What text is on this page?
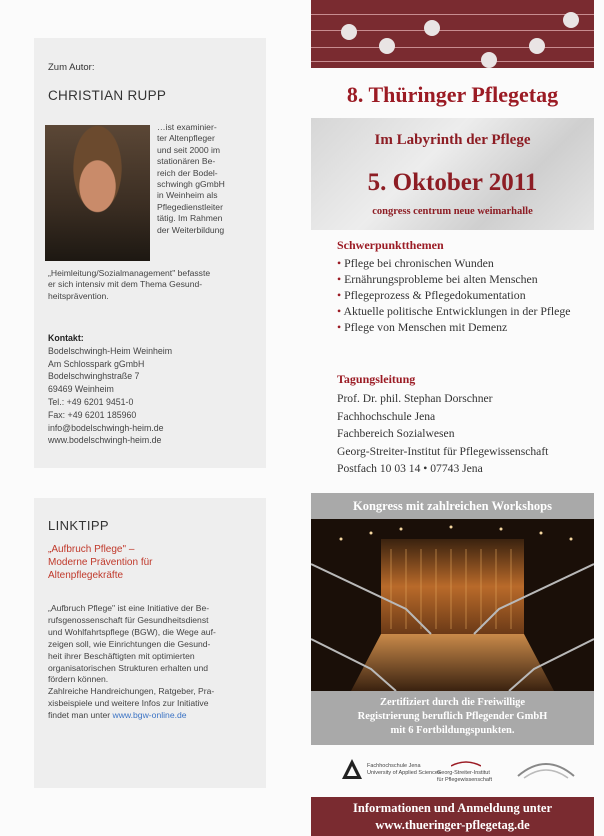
Zum Autor:
CHRISTIAN RUPP
…ist examinier-
ter Altenpfleger
und seit 2000 im
stationären Be-
reich der Bodel-
schwingh gGmbH
in Weinheim als
Pflegedienstleiter
tätig. Im Rahmen
der Weiterbildung
„Heimleitung/Sozialmanagement" befasste
er sich intensiv mit dem Thema Gesund-
heitsprävention.
Kontakt:
Bodelschwingh-Heim Weinheim
Am Schlosspark gGmbH
Bodelschwinghstraße 7
69469 Weinheim
Tel.: +49 6201 9451-0
Fax: +49 6201 185960
info@bodelschwingh-heim.de
www.bodelschwingh-heim.de
LINKTIPP
„Aufbruch Pflege" –
Moderne Prävention für
Altenpflegekräfte
„Aufbruch Pflege" ist eine Initiative der Be-
rufsgenossenschaft für Gesundheitsdienst
und Wohlfahrtspflege (BGW), die Wege auf-
zeigen soll, wie Einrichtungen die Gesund-
heit ihrer Beschäftigten mit optimierten
organisatorischen Strukturen erhalten und
fördern können.
Zahlreiche Handreichungen, Ratgeber, Pra-
xisbeispiele und weitere Infos zur Initiative
findet man unter www.bgw-online.de
8. Thüringer Pflegetag
Im Labyrinth der Pflege
5. Oktober 2011
congress centrum neue weimarhalle
Schwerpunktthemen
• Pflege bei chronischen Wunden
• Ernährungsprobleme bei alten Menschen
• Pflegeprozess & Pflegedokumentation
• Aktuelle politische Entwicklungen in der Pflege
• Pflege von Menschen mit Demenz
Tagungsleitung
Prof. Dr. phil. Stephan Dorschner
Fachhochschule Jena
Fachbereich Sozialwesen
Georg-Streiter-Institut für Pflegewissenschaft
Postfach 10 03 14 • 07743 Jena
Kongress mit zahlreichen Workshops
Zertifiziert durch die Freiwillige
Registrierung beruflich Pflegender GmbH
mit 6 Fortbildungspunkten.
Fachhochschule Jena
University of Applied Sciences
Georg-Streiter-Institut
für Pflegewissenschaft
Informationen und Anmeldung unter
www.thueringer-pflegetag.de
